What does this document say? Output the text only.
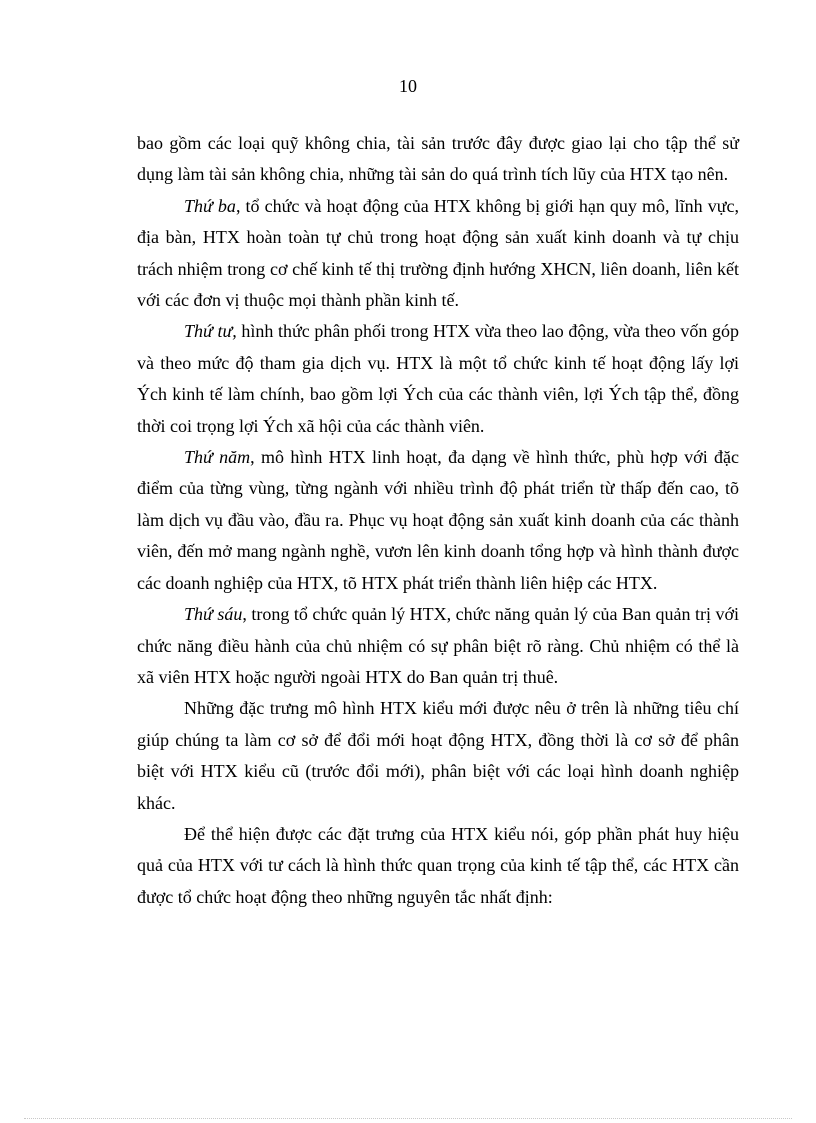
10

bao gồm các loại quỹ không chia, tài sản trước đây được giao lại cho tập thể sử dụng làm tài sản không chia, những tài sản do quá trình tích lũy của HTX tạo nên.

Thứ ba, tổ chức và hoạt động của HTX không bị giới hạn quy mô, lĩnh vực, địa bàn, HTX hoàn toàn tự chủ trong hoạt động sản xuất kinh doanh và tự chịu trách nhiệm trong cơ chế kinh tế thị trường định hướng XHCN, liên doanh, liên kết với các đơn vị thuộc mọi thành phần kinh tế.

Thứ tư, hình thức phân phối trong HTX vừa theo lao động, vừa theo vốn góp và theo mức độ tham gia dịch vụ. HTX là một tổ chức kinh tế hoạt động lấy lợi Ých kinh tế làm chính, bao gồm lợi Ých của các thành viên, lợi Ých tập thể, đồng thời coi trọng lợi Ých xã hội của các thành viên.

Thứ năm, mô hình HTX linh hoạt, đa dạng về hình thức, phù hợp với đặc điểm của từng vùng, từng ngành với nhiều trình độ phát triển từ thấp đến cao, tõ làm dịch vụ đầu vào, đầu ra. Phục vụ hoạt động sản xuất kinh doanh của các thành viên, đến mở mang ngành nghề, vươn lên kinh doanh tổng hợp và hình thành được các doanh nghiệp của HTX, tõ HTX phát triển thành liên hiệp các HTX.

Thứ sáu, trong tổ chức quản lý HTX, chức năng quản lý của Ban quản trị với chức năng điều hành của chủ nhiệm có sự phân biệt rõ ràng. Chủ nhiệm có thể là xã viên HTX hoặc người ngoài HTX do Ban quản trị thuê.

Những đặc trưng mô hình HTX kiểu mới được nêu ở trên là những tiêu chí giúp chúng ta làm cơ sở để đổi mới hoạt động HTX, đồng thời là cơ sở để phân biệt với HTX kiểu cũ (trước đổi mới), phân biệt với các loại hình doanh nghiệp khác.

Để thể hiện được các đặt trưng của HTX kiểu nói, góp phần phát huy hiệu quả của HTX với tư cách là hình thức quan trọng của kinh tế tập thể, các HTX cần được tổ chức hoạt động theo những nguyên tắc nhất định:
